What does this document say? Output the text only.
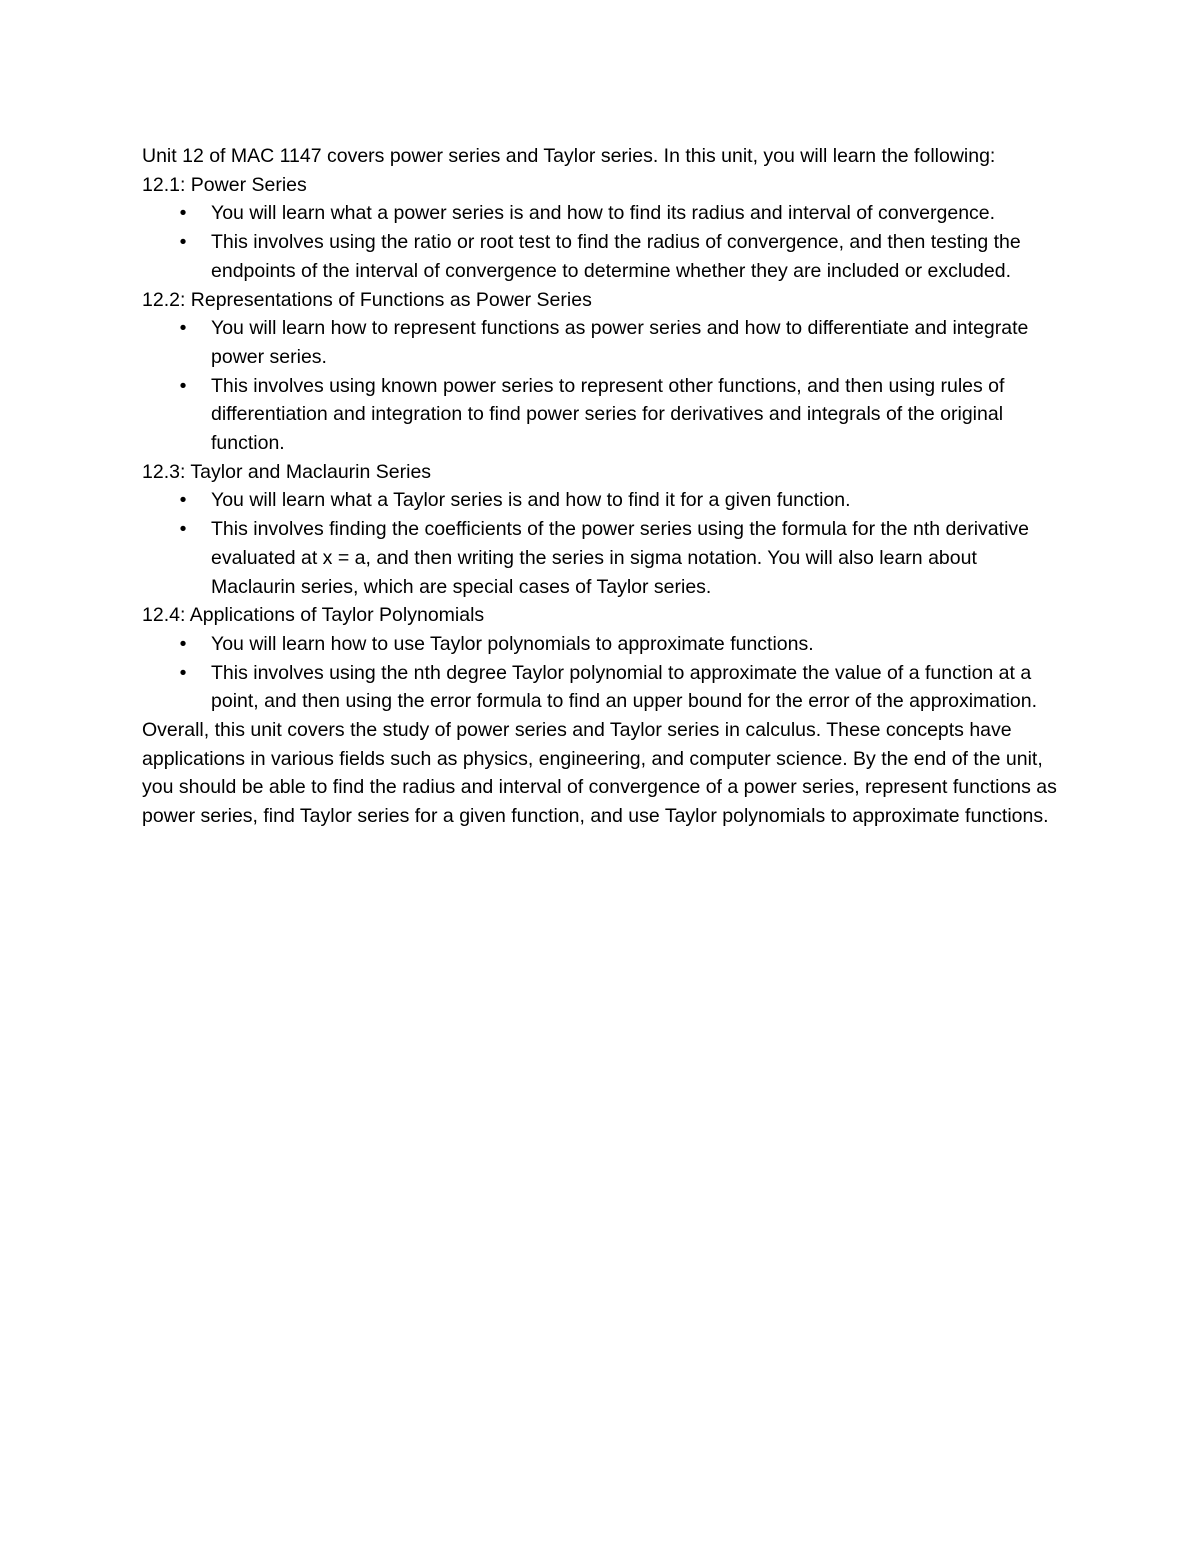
Unit 12 of MAC 1147 covers power series and Taylor series. In this unit, you will learn the following:

12.1: Power Series

•	You will learn what a power series is and how to find its radius and interval of convergence.
•	This involves using the ratio or root test to find the radius of convergence, and then testing the endpoints of the interval of convergence to determine whether they are included or excluded.

12.2: Representations of Functions as Power Series

•	You will learn how to represent functions as power series and how to differentiate and integrate power series.
•	This involves using known power series to represent other functions, and then using rules of differentiation and integration to find power series for derivatives and integrals of the original function.

12.3: Taylor and Maclaurin Series

•	You will learn what a Taylor series is and how to find it for a given function.
•	This involves finding the coefficients of the power series using the formula for the nth derivative evaluated at x = a, and then writing the series in sigma notation. You will also learn about Maclaurin series, which are special cases of Taylor series.

12.4: Applications of Taylor Polynomials

•	You will learn how to use Taylor polynomials to approximate functions.
•	This involves using the nth degree Taylor polynomial to approximate the value of a function at a point, and then using the error formula to find an upper bound for the error of the approximation.

Overall, this unit covers the study of power series and Taylor series in calculus. These concepts have applications in various fields such as physics, engineering, and computer science. By the end of the unit, you should be able to find the radius and interval of convergence of a power series, represent functions as power series, find Taylor series for a given function, and use Taylor polynomials to approximate functions.
